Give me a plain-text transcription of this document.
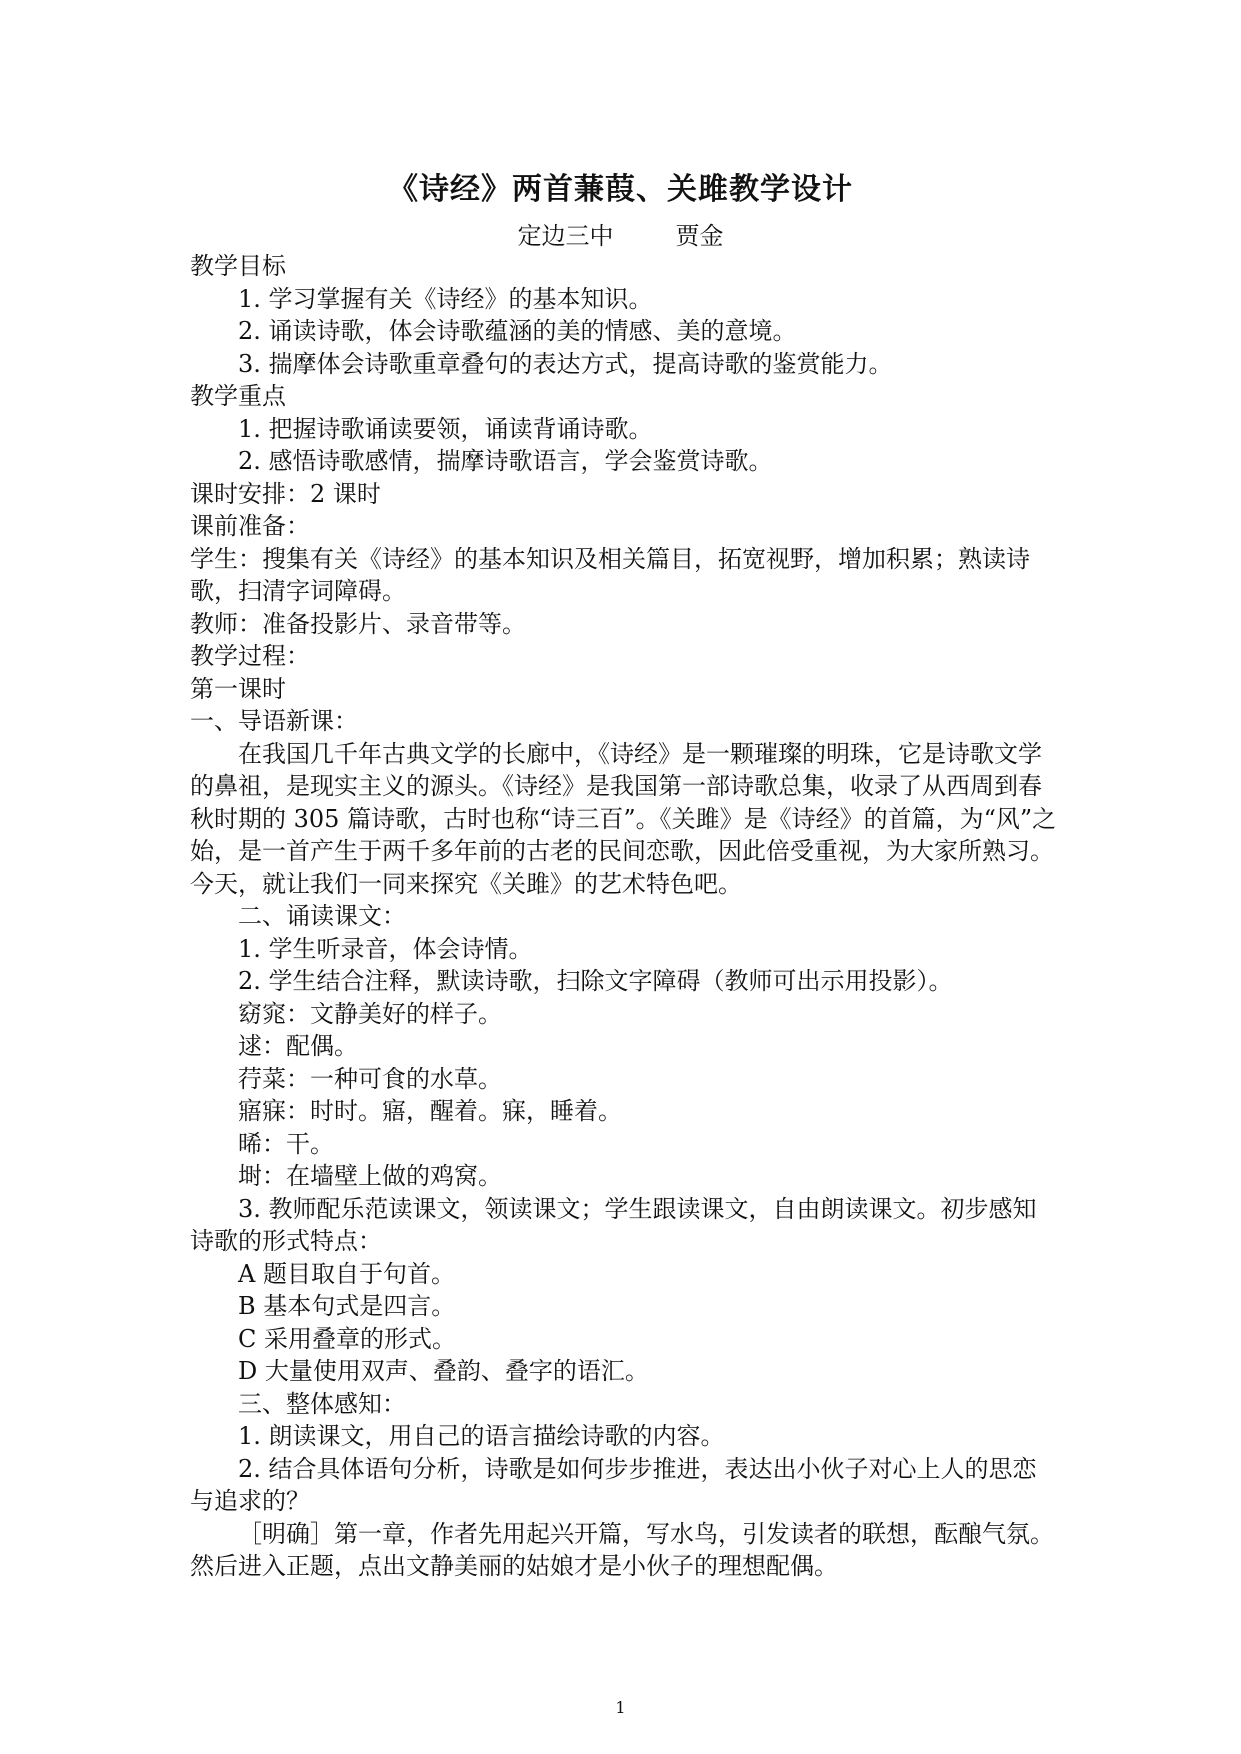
《诗经》两首蒹葭、关雎教学设计
定边三中	贾金

教学目标

1. 学习掌握有关《诗经》的基本知识。

2. 诵读诗歌，体会诗歌蕴涵的美的情感、美的意境。

3. 揣摩体会诗歌重章叠句的表达方式，提高诗歌的鉴赏能力。

教学重点

1. 把握诗歌诵读要领，诵读背诵诗歌。

2. 感悟诗歌感情，揣摩诗歌语言，学会鉴赏诗歌。

课时安排：2 课时

课前准备：

学生：搜集有关《诗经》的基本知识及相关篇目，拓宽视野，增加积累；熟读诗歌，扫清字词障碍。

教师：准备投影片、录音带等。

教学过程：

第一课时

一、导语新课：

在我国几千年古典文学的长廊中，《诗经》是一颗璀璨的明珠，它是诗歌文学的鼻祖，是现实主义的源头。《诗经》是我国第一部诗歌总集，收录了从西周到春秋时期的 305 篇诗歌，古时也称“诗三百”。《关雎》是《诗经》的首篇，为“风”之始，是一首产生于两千多年前的古老的民间恋歌，因此倍受重视，为大家所熟习。今天，就让我们一同来探究《关雎》的艺术特色吧。

二、诵读课文：

1. 学生听录音，体会诗情。

2. 学生结合注释，默读诗歌，扫除文字障碍（教师可出示用投影）。

窈窕：文静美好的样子。

逑：配偶。

荇菜：一种可食的水草。

寤寐：时时。寤，醒着。寐，睡着。

晞：干。

埘：在墙壁上做的鸡窝。

3. 教师配乐范读课文，领读课文；学生跟读课文，自由朗读课文。初步感知诗歌的形式特点：

A 题目取自于句首。

B 基本句式是四言。

C 采用叠章的形式。

D 大量使用双声、叠韵、叠字的语汇。

三、整体感知：

1. 朗读课文，用自己的语言描绘诗歌的内容。

2. 结合具体语句分析，诗歌是如何步步推进，表达出小伙子对心上人的思恋与追求的？

［明确］第一章，作者先用起兴开篇，写水鸟，引发读者的联想，酝酿气氛。然后进入正题，点出文静美丽的姑娘才是小伙子的理想配偶。

1
